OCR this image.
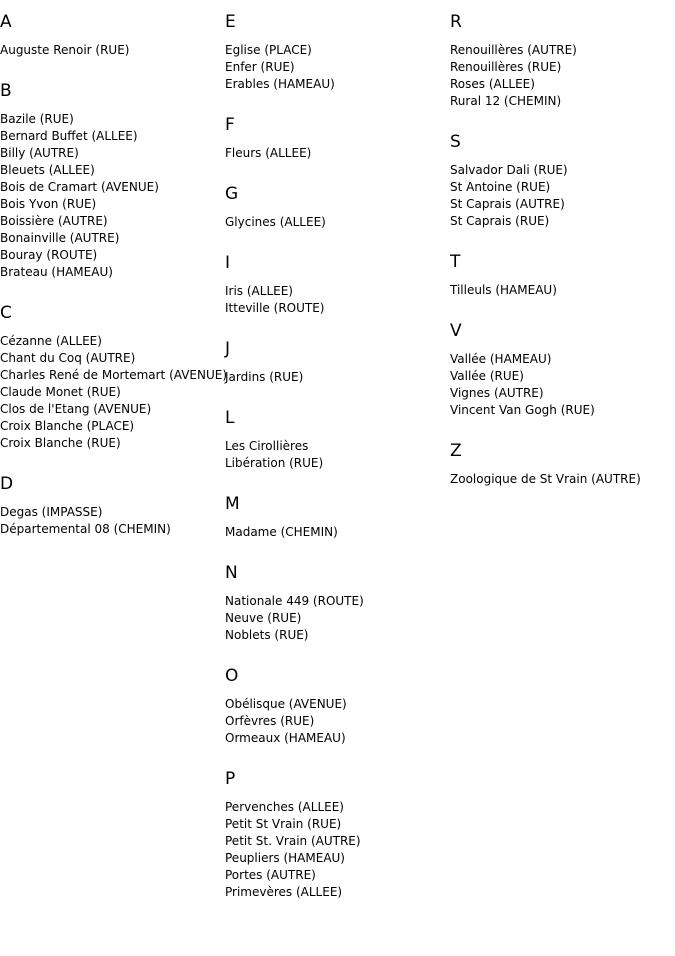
A
Auguste Renoir (RUE)
B
Bazile (RUE)
Bernard Buffet (ALLEE)
Billy (AUTRE)
Bleuets (ALLEE)
Bois de Cramart (AVENUE)
Bois Yvon (RUE)
Boissière (AUTRE)
Bonainville (AUTRE)
Bouray (ROUTE)
Brateau (HAMEAU)
C
Cézanne (ALLEE)
Chant du Coq (AUTRE)
Charles René de Mortemart (AVENUE)
Claude Monet (RUE)
Clos de l'Etang (AVENUE)
Croix Blanche (PLACE)
Croix Blanche (RUE)
D
Degas (IMPASSE)
Départemental 08 (CHEMIN)
E
Eglise (PLACE)
Enfer (RUE)
Erables (HAMEAU)
F
Fleurs (ALLEE)
G
Glycines (ALLEE)
I
Iris (ALLEE)
Itteville (ROUTE)
J
Jardins (RUE)
L
Les Cirollières
Libération (RUE)
M
Madame (CHEMIN)
N
Nationale 449 (ROUTE)
Neuve (RUE)
Noblets (RUE)
O
Obélisque (AVENUE)
Orfèvres (RUE)
Ormeaux (HAMEAU)
P
Pervenches (ALLEE)
Petit St Vrain (RUE)
Petit St. Vrain (AUTRE)
Peupliers (HAMEAU)
Portes (AUTRE)
Primevères (ALLEE)
R
Renouillères (AUTRE)
Renouillères (RUE)
Roses (ALLEE)
Rural 12 (CHEMIN)
S
Salvador Dali (RUE)
St Antoine (RUE)
St Caprais (AUTRE)
St Caprais (RUE)
T
Tilleuls (HAMEAU)
V
Vallée (HAMEAU)
Vallée (RUE)
Vignes (AUTRE)
Vincent Van Gogh (RUE)
Z
Zoologique de St Vrain (AUTRE)
